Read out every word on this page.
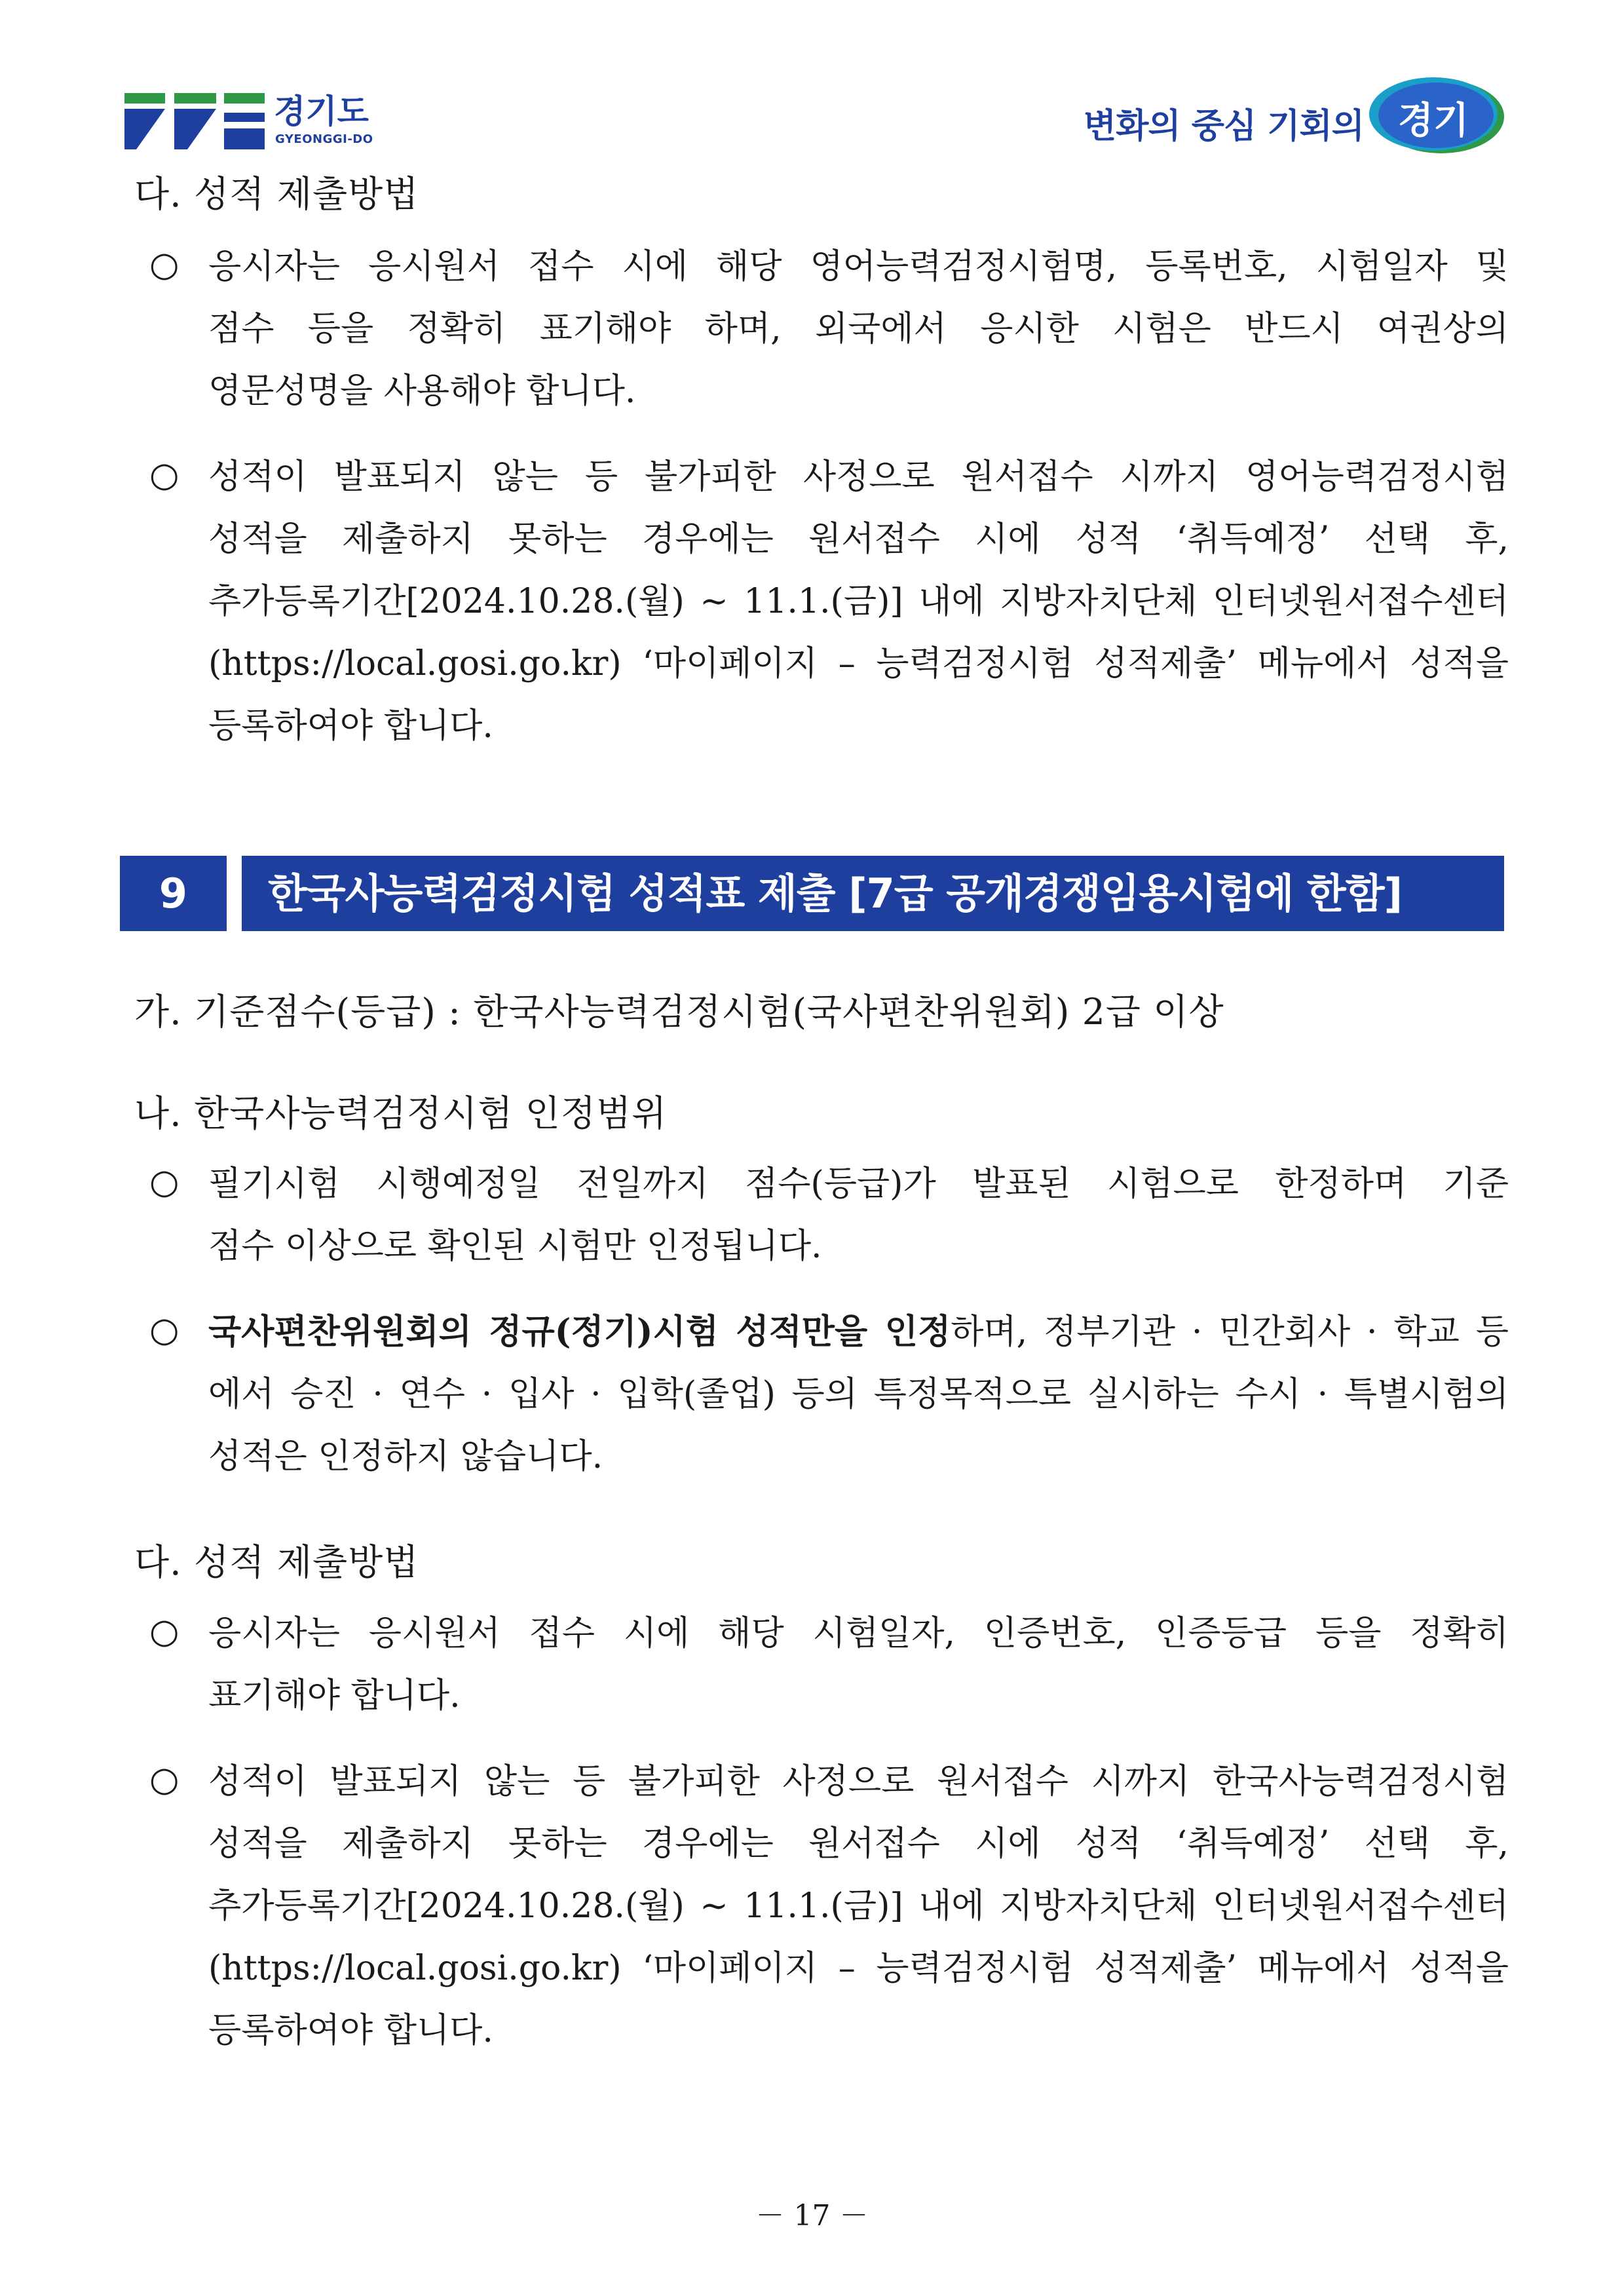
경기도
GYEONGGI-DO	변화의 중심 기회의 경기
다. 성적 제출방법
○ 응시자는 응시원서 접수 시에 해당 영어능력검정시험명, 등록번호, 시험일자 및
점수 등을 정확히 표기해야 하며, 외국에서 응시한 시험은 반드시 여권상의
영문성명을 사용해야 합니다.
○ 성적이 발표되지 않는 등 불가피한 사정으로 원서접수 시까지 영어능력검정시험
성적을 제출하지 못하는 경우에는 원서접수 시에 성적 ‘취득예정’ 선택 후,
추가등록기간[2024.10.28.(월) ~ 11.1.(금)] 내에 지방자치단체 인터넷원서접수센터
(https://local.gosi.go.kr) ‘마이페이지 – 능력검정시험 성적제출’ 메뉴에서 성적을
등록하여야 합니다.
9	한국사능력검정시험 성적표 제출 [7급 공개경쟁임용시험에 한함]
가. 기준점수(등급) : 한국사능력검정시험(국사편찬위원회) 2급 이상
나. 한국사능력검정시험 인정범위
○ 필기시험 시행예정일 전일까지 점수(등급)가 발표된 시험으로 한정하며 기준
점수 이상으로 확인된 시험만 인정됩니다.
○ 국사편찬위원회의 정규(정기)시험 성적만을 인정하며, 정부기관 · 민간회사 · 학교 등
에서 승진 · 연수 · 입사 · 입학(졸업) 등의 특정목적으로 실시하는 수시 · 특별시험의
성적은 인정하지 않습니다.
다. 성적 제출방법
○ 응시자는 응시원서 접수 시에 해당 시험일자, 인증번호, 인증등급 등을 정확히
표기해야 합니다.
○ 성적이 발표되지 않는 등 불가피한 사정으로 원서접수 시까지 한국사능력검정시험
성적을 제출하지 못하는 경우에는 원서접수 시에 성적 ‘취득예정’ 선택 후,
추가등록기간[2024.10.28.(월) ~ 11.1.(금)] 내에 지방자치단체 인터넷원서접수센터
(https://local.gosi.go.kr) ‘마이페이지 – 능력검정시험 성적제출’ 메뉴에서 성적을
등록하여야 합니다.
－ 17 －
